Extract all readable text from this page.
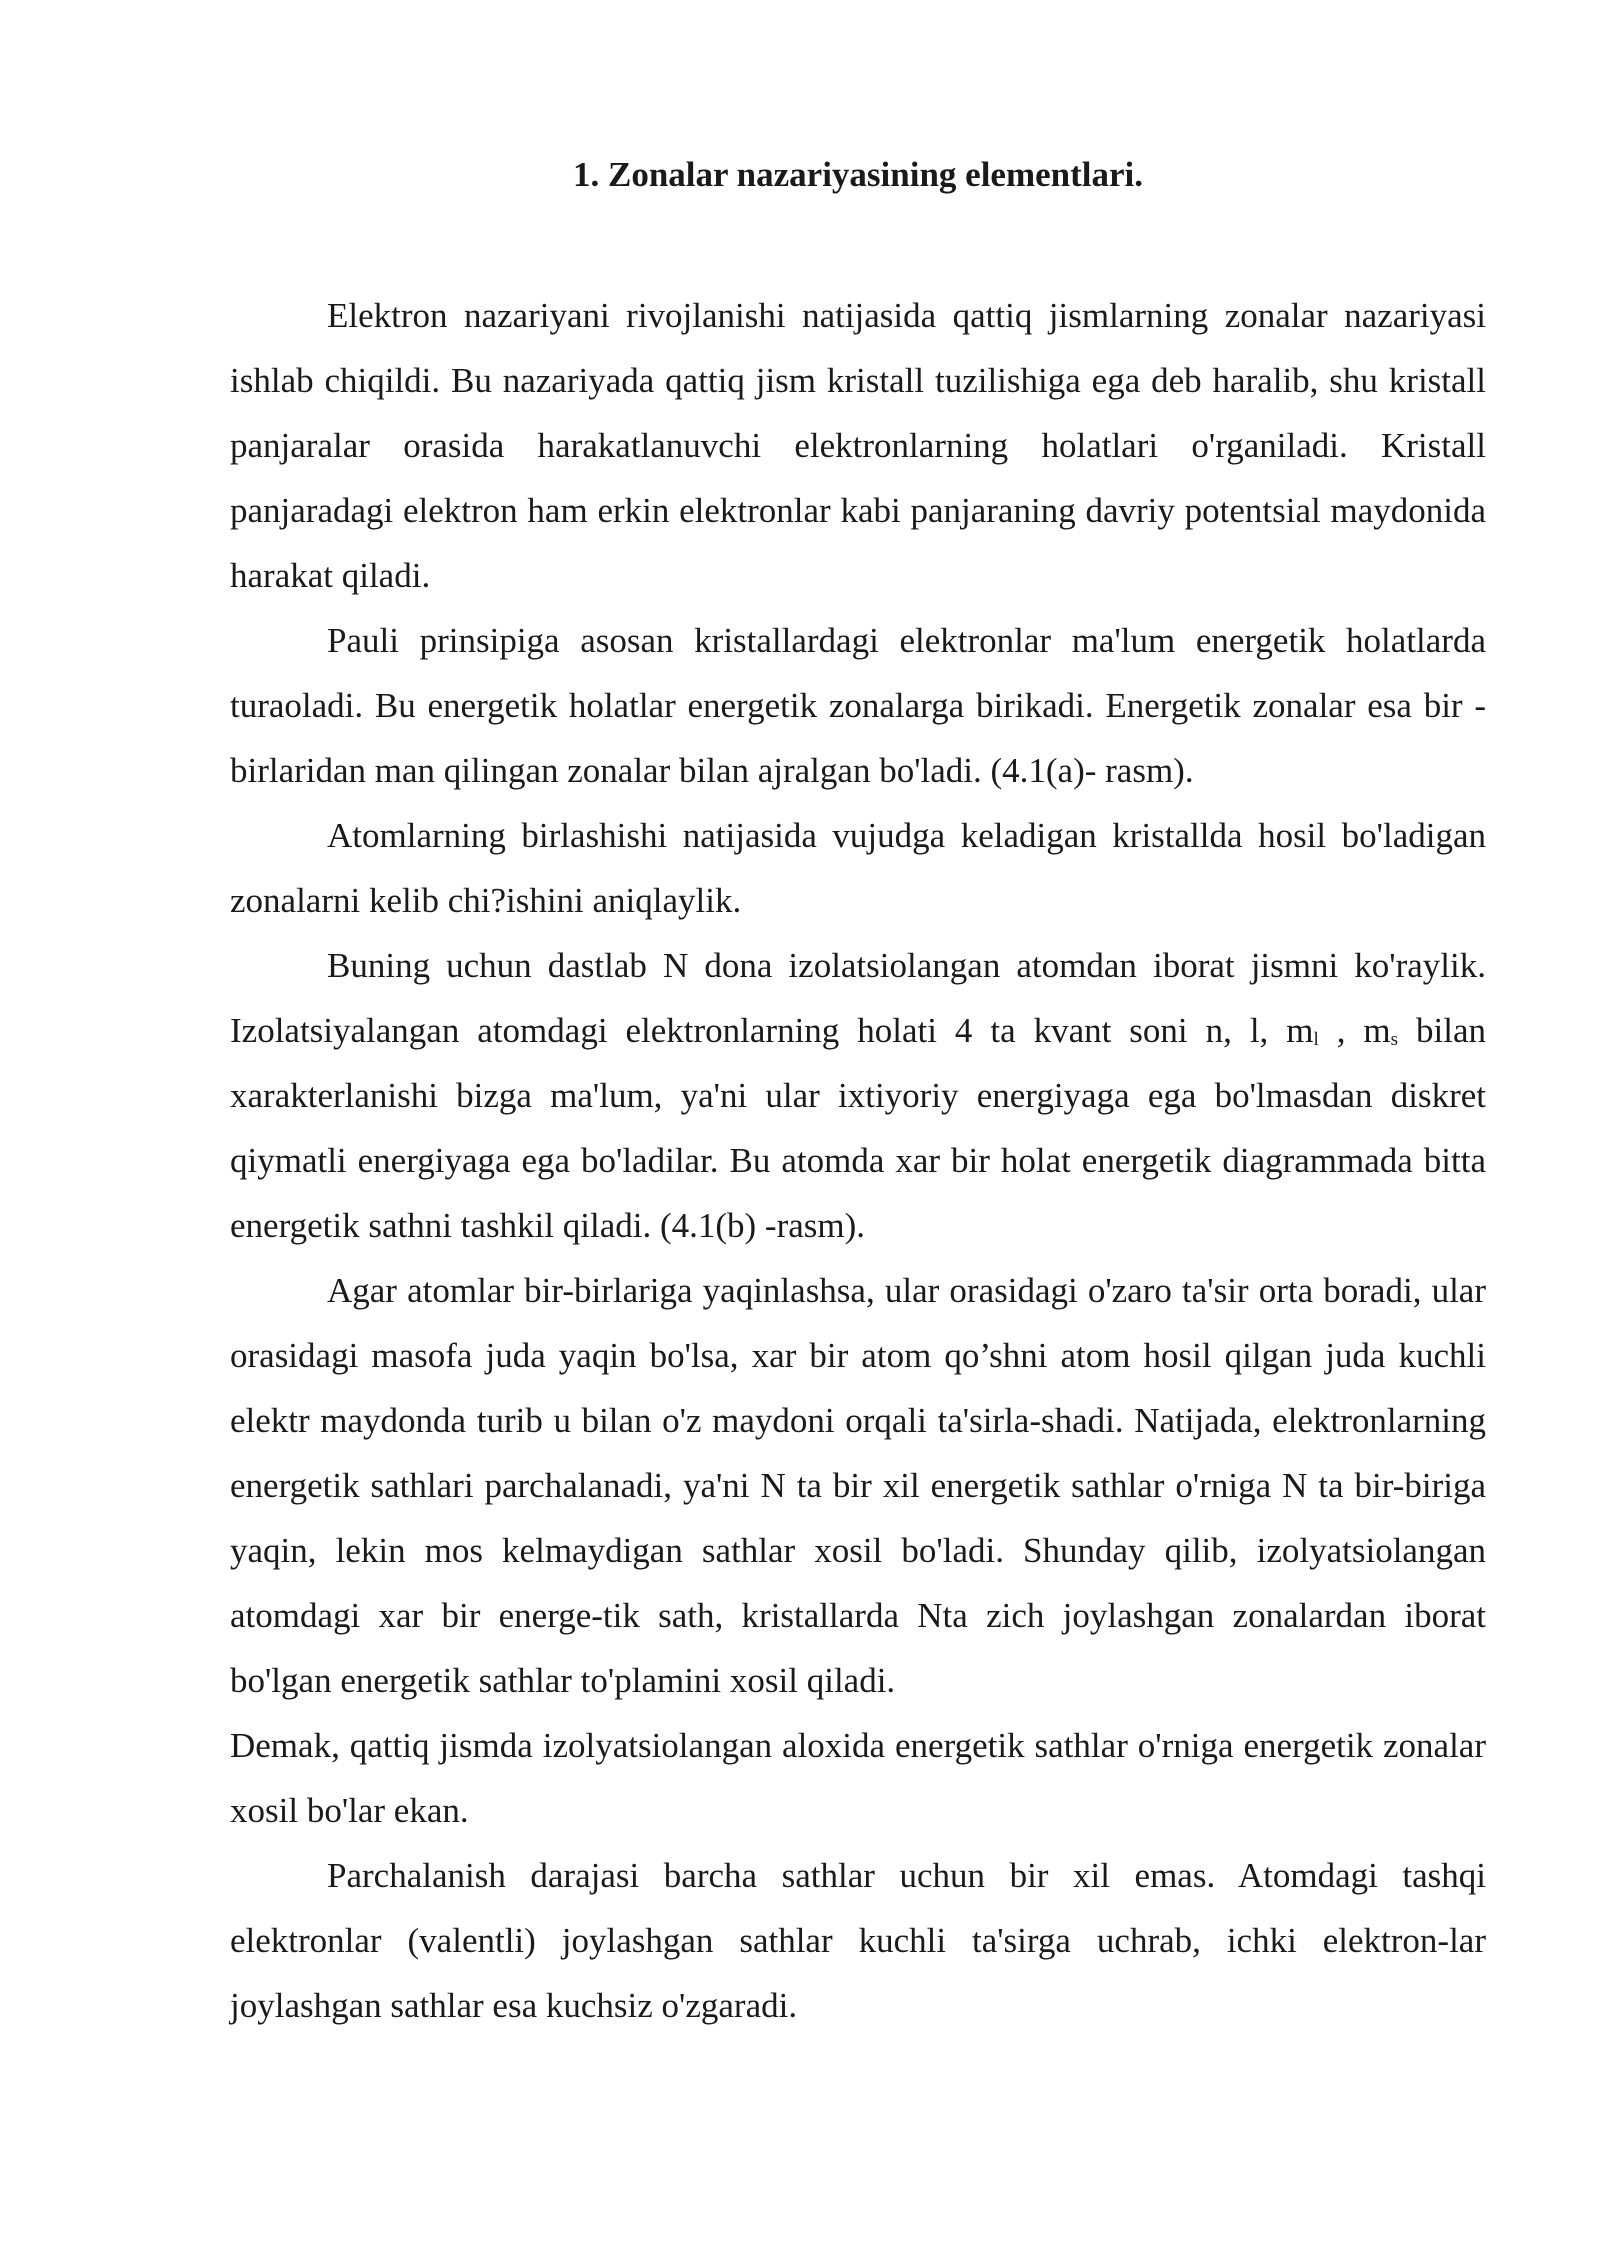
1. Zonalar nazariyasining elementlari.

Elektron nazariyani rivojlanishi natijasida qattiq jismlarning zonalar nazariyasi ishlab chiqildi. Bu nazariyada qattiq jism kristall tuzilishiga ega deb haralib, shu kristall panjaralar orasida harakatlanuvchi elektronlarning holatlari o'rganiladi. Kristall panjaradagi elektron ham erkin elektronlar kabi panjaraning davriy potentsial maydonida harakat qiladi.

Pauli prinsipiga asosan kristallardagi elektronlar ma'lum energetik holatlarda turaoladi. Bu energetik holatlar energetik zonalarga birikadi. Energetik zonalar esa bir - birlaridan man qilingan zonalar bilan ajralgan bo'ladi. (4.1(a)- rasm).

Atomlarning birlashishi natijasida vujudga keladigan kristallda hosil bo'ladigan zonalarni kelib chi?ishini aniqlaylik.

Buning uchun dastlab N dona izolatsiolangan atomdan iborat jismni ko'raylik. Izolatsiyalangan atomdagi elektronlarning holati 4 ta kvant soni n, l, $m_l$ , $m_s$ bilan xarakterlanishi bizga ma'lum, ya'ni ular ixtiyoriy energiyaga ega bo'lmasdan diskret qiymatli energiyaga ega bo'ladilar. Bu atomda xar bir holat energetik diagrammada bitta energetik sathni tashkil qiladi. (4.1(b) -rasm).

Agar atomlar bir-birlariga yaqinlashsa, ular orasidagi o'zaro ta'sir orta boradi, ular orasidagi masofa juda yaqin bo'lsa, xar bir atom qo’shni atom hosil qilgan juda kuchli elektr maydonda turib u bilan o'z maydoni orqali ta'sirla-shadi. Natijada, elektronlarning energetik sathlari parchalanadi, ya'ni N ta bir xil energetik sathlar o'rniga N ta bir-biriga yaqin, lekin mos kelmaydigan sathlar xosil bo'ladi. Shunday qilib, izolyatsiolangan atomdagi xar bir energe-tik sath, kristallarda Nta zich joylashgan zonalardan iborat bo'lgan energetik sathlar to'plamini xosil qiladi.

Demak, qattiq jismda izolyatsiolangan aloxida energetik sathlar o'rniga energetik zonalar xosil bo'lar ekan.

Parchalanish darajasi barcha sathlar uchun bir xil emas. Atomdagi tashqi elektronlar (valentli) joylashgan sathlar kuchli ta'sirga uchrab, ichki elektron-lar joylashgan sathlar esa kuchsiz o'zgaradi.
